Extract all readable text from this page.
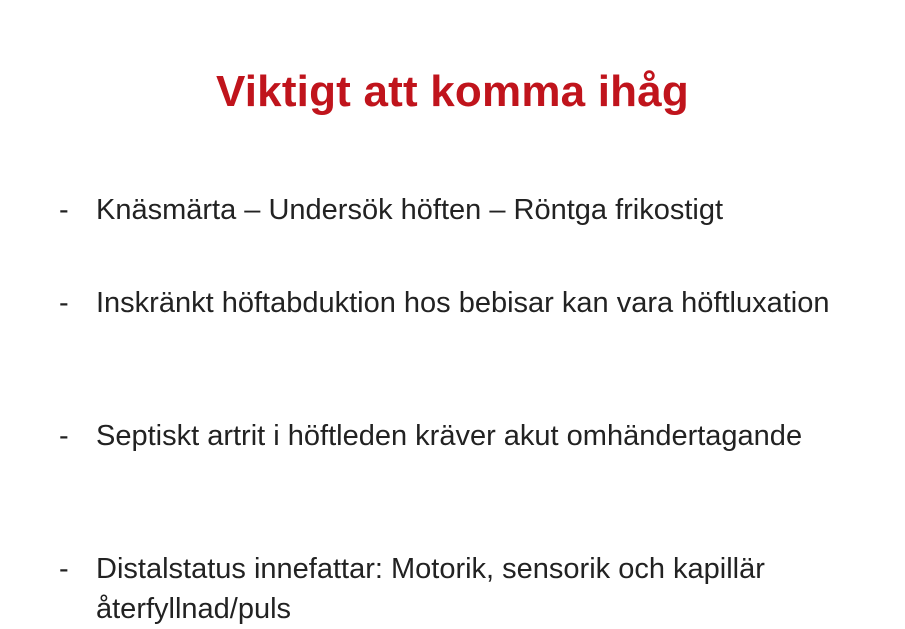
Viktigt att komma ihåg
- Knäsmärta – Undersök höften – Röntga frikostigt
- Inskränkt höftabduktion hos bebisar kan vara höftluxation
- Septiskt artrit i höftleden kräver akut omhändertagande
- Distalstatus innefattar: Motorik, sensorik och kapillär återfyllnad/puls
